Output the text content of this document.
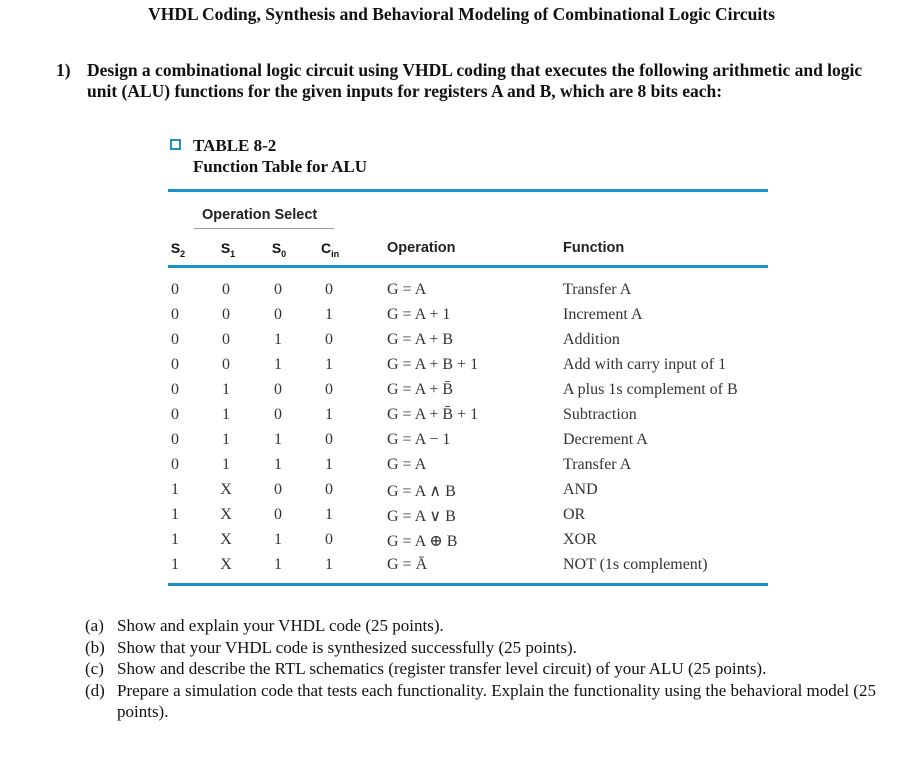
VHDL Coding, Synthesis and Behavioral Modeling of Combinational Logic Circuits
1) Design a combinational logic circuit using VHDL coding that executes the following arithmetic and logic unit (ALU) functions for the given inputs for registers A and B, which are 8 bits each:
TABLE 8-2
Function Table for ALU
Operation Select
$S_2$	$S_1$	$S_0$	$C_{in}$	Operation	Function
0	0	0	0	G = A	Transfer A
0	0	0	1	G = A + 1	Increment A
0	0	1	0	G = A + B	Addition
0	0	1	1	G = A + B + 1	Add with carry input of 1
0	1	0	0	G = A + B̄	A plus 1s complement of B
0	1	0	1	G = A + B̄ + 1	Subtraction
0	1	1	0	G = A − 1	Decrement A
0	1	1	1	G = A	Transfer A
1	X	0	0	G = A ∧ B	AND
1	X	0	1	G = A ∨ B	OR
1	X	1	0	G = A ⊕ B	XOR
1	X	1	1	G = Ā	NOT (1s complement)
(a) Show and explain your VHDL code (25 points).
(b) Show that your VHDL code is synthesized successfully (25 points).
(c) Show and describe the RTL schematics (register transfer level circuit) of your ALU (25 points).
(d) Prepare a simulation code that tests each functionality. Explain the functionality using the behavioral model (25 points).
